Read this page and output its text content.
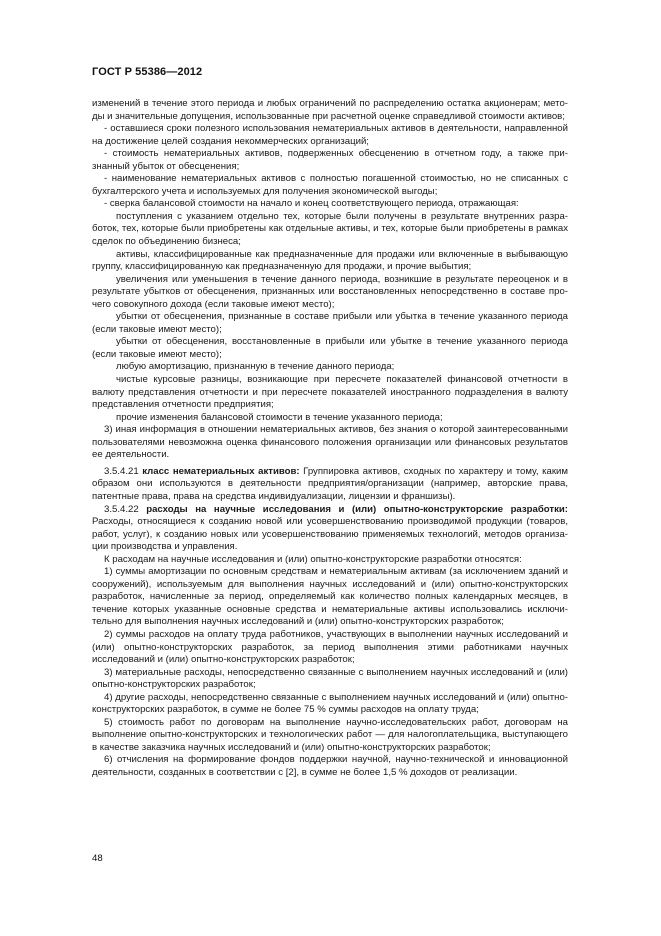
ГОСТ Р 55386—2012

изменений в течение этого периода и любых ограничений по распределению остатка акционерам; методы и значительные допущения, использованные при расчетной оценке справедливой стоимости активов;

- оставшиеся сроки полезного использования нематериальных активов в деятельности, направленной на достижение целей создания некоммерческих организаций;

- стоимость нематериальных активов, подверженных обесценению в отчетном году, а также признанный убыток от обесценения;

- наименование нематериальных активов с полностью погашенной стоимостью, но не списанных с бухгалтерского учета и используемых для получения экономической выгоды;

- сверка балансовой стоимости на начало и конец соответствующего периода, отражающая:

поступления с указанием отдельно тех, которые были получены в результате внутренних разработок, тех, которые были приобретены как отдельные активы, и тех, которые были приобретены в рамках сделок по объединению бизнеса;

активы, классифицированные как предназначенные для продажи или включенные в выбывающую группу, классифицированную как предназначенную для продажи, и прочие выбытия;

увеличения или уменьшения в течение данного периода, возникшие в результате переоценок и в результате убытков от обесценения, признанных или восстановленных непосредственно в составе прочего совокупного дохода (если таковые имеют место);

убытки от обесценения, признанные в составе прибыли или убытка в течение указанного периода (если таковые имеют место);

убытки от обесценения, восстановленные в прибыли или убытке в течение указанного периода (если таковые имеют место);

любую амортизацию, признанную в течение данного периода;

чистые курсовые разницы, возникающие при пересчете показателей финансовой отчетности в валюту представления отчетности и при пересчете показателей иностранного подразделения в валюту представления отчетности предприятия;

прочие изменения балансовой стоимости в течение указанного периода;

3) иная информация в отношении нематериальных активов, без знания о которой заинтересованными пользователями невозможна оценка финансового положения организации или финансовых результатов ее деятельности.

3.5.4.21 класс нематериальных активов: Группировка активов, сходных по характеру и тому, каким образом они используются в деятельности предприятия/организации (например, авторские права, патентные права, права на средства индивидуализации, лицензии и франшизы).

3.5.4.22 расходы на научные исследования и (или) опытно-конструкторские разработки: Расходы, относящиеся к созданию новой или усовершенствованию производимой продукции (товаров, работ, услуг), к созданию новых или усовершенствованию применяемых технологий, методов организации производства и управления.

К расходам на научные исследования и (или) опытно-конструкторские разработки относятся:

1) суммы амортизации по основным средствам и нематериальным активам (за исключением зданий и сооружений), используемым для выполнения научных исследований и (или) опытно-конструкторских разработок, начисленные за период, определяемый как количество полных календарных месяцев, в течение которых указанные основные средства и нематериальные активы использовались исключительно для выполнения научных исследований и (или) опытно-конструкторских разработок;

2) суммы расходов на оплату труда работников, участвующих в выполнении научных исследований и (или) опытно-конструкторских разработок, за период выполнения этими работниками научных исследований и (или) опытно-конструкторских разработок;

3) материальные расходы, непосредственно связанные с выполнением научных исследований и (или) опытно-конструкторских разработок;

4) другие расходы, непосредственно связанные с выполнением научных исследований и (или) опытно-конструкторских разработок, в сумме не более 75 % суммы расходов на оплату труда;

5) стоимость работ по договорам на выполнение научно-исследовательских работ, договорам на выполнение опытно-конструкторских и технологических работ — для налогоплательщика, выступающего в качестве заказчика научных исследований и (или) опытно-конструкторских разработок;

6) отчисления на формирование фондов поддержки научной, научно-технической и инновационной деятельности, созданных в соответствии с [2], в сумме не более 1,5 % доходов от реализации.

48
